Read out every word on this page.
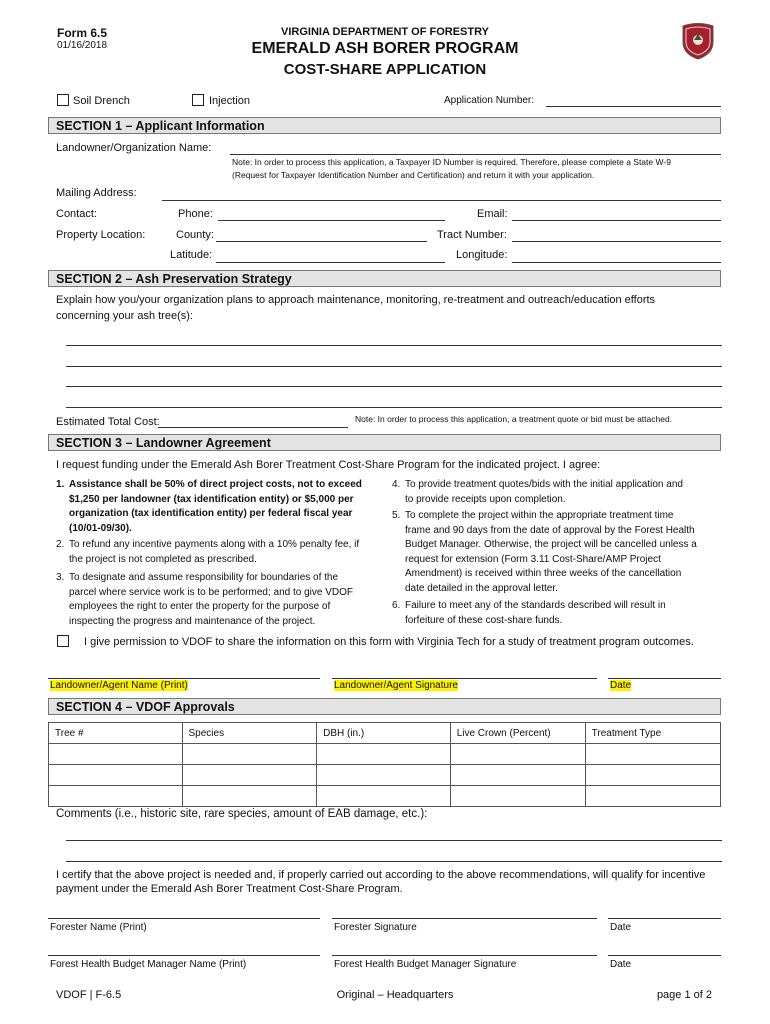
Form 6.5
01/16/2018
VIRGINIA DEPARTMENT OF FORESTRY
EMERALD ASH BORER PROGRAM
COST-SHARE APPLICATION
Soil Drench	Injection	Application Number:
SECTION 1 – Applicant Information
Landowner/Organization Name:
Note: In order to process this application, a Taxpayer ID Number is required. Therefore, please complete a State W-9
(Request for Taxpayer Identification Number and Certification) and return it with your application.
Mailing Address:
Contact:	Phone:	Email:
Property Location:	County:	Tract Number:
Latitude:	Longitude:
SECTION 2 – Ash Preservation Strategy
Explain how you/your organization plans to approach maintenance, monitoring, re-treatment and outreach/education efforts
concerning your ash tree(s):
Estimated Total Cost:	Note: In order to process this application, a treatment quote or bid must be attached.
SECTION 3 – Landowner Agreement
I request funding under the Emerald Ash Borer Treatment Cost-Share Program for the indicated project. I agree:
1. Assistance shall be 50% of direct project costs, not to exceed
$1,250 per landowner (tax identification entity) or $5,000 per
organization (tax identification entity) per federal fiscal year
(10/01-09/30).
2. To refund any incentive payments along with a 10% penalty fee, if
the project is not completed as prescribed.
3. To designate and assume responsibility for boundaries of the
parcel where service work is to be performed; and to give VDOF
employees the right to enter the property for the purpose of
inspecting the progress and maintenance of the project.
4. To provide treatment quotes/bids with the initial application and
to provide receipts upon completion.
5. To complete the project within the appropriate treatment time
frame and 90 days from the date of approval by the Forest Health
Budget Manager. Otherwise, the project will be cancelled unless a
request for extension (Form 3.11 Cost-Share/AMP Project
Amendment) is received within three weeks of the cancellation
date detailed in the approval letter.
6. Failure to meet any of the standards described will result in
forfeiture of these cost-share funds.
I give permission to VDOF to share the information on this form with Virginia Tech for a study of treatment program outcomes.
Landowner/Agent Name (Print)	Landowner/Agent Signature	Date
SECTION 4 – VDOF Approvals
Tree #	Species	DBH (in.)	Live Crown (Percent)	Treatment Type

Comments (i.e., historic site, rare species, amount of EAB damage, etc.):
I certify that the above project is needed and, if properly carried out according to the above recommendations, will qualify for incentive
payment under the Emerald Ash Borer Treatment Cost-Share Program.
Forester Name (Print)	Forester Signature	Date
Forest Health Budget Manager Name (Print)	Forest Health Budget Manager Signature	Date
VDOF | F-6.5	Original – Headquarters	page 1 of 2
